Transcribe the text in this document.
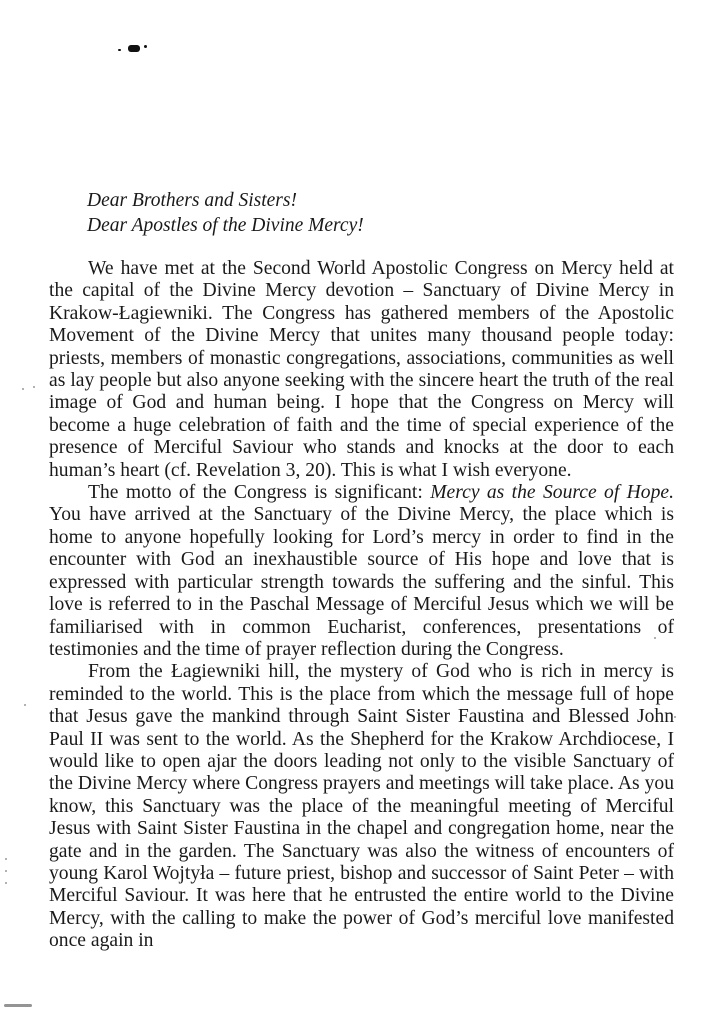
Dear Brothers and Sisters!
Dear Apostles of the Divine Mercy!

We have met at the Second World Apostolic Congress on Mercy held at the capital of the Divine Mercy devotion – Sanctuary of Divine Mercy in Krakow-Łagiewniki. The Congress has gathered members of the Apostolic Movement of the Divine Mercy that unites many thousand people today: priests, members of monastic congregations, associations, communities as well as lay people but also anyone seeking with the sincere heart the truth of the real image of God and human being. I hope that the Congress on Mercy will become a huge celebration of faith and the time of special experience of the presence of Merciful Saviour who stands and knocks at the door to each human’s heart (cf. Revelation 3, 20). This is what I wish everyone.

The motto of the Congress is significant: Mercy as the Source of Hope. You have arrived at the Sanctuary of the Divine Mercy, the place which is home to anyone hopefully looking for Lord’s mercy in order to find in the encounter with God an inexhaustible source of His hope and love that is expressed with particular strength towards the suffering and the sinful. This love is referred to in the Paschal Message of Merciful Jesus which we will be familiarised with in common Eucharist, conferences, presentations of testimonies and the time of prayer reflection during the Congress.

From the Łagiewniki hill, the mystery of God who is rich in mercy is reminded to the world. This is the place from which the message full of hope that Jesus gave the mankind through Saint Sister Faustina and Blessed John Paul II was sent to the world. As the Shepherd for the Krakow Archdiocese, I would like to open ajar the doors leading not only to the visible Sanctuary of the Divine Mercy where Congress prayers and meetings will take place. As you know, this Sanctuary was the place of the meaningful meeting of Merciful Jesus with Saint Sister Faustina in the chapel and congregation home, near the gate and in the garden. The Sanctuary was also the witness of encounters of young Karol Wojtyła – future priest, bishop and successor of Saint Peter – with Merciful Saviour. It was here that he entrusted the entire world to the Divine Mercy, with the calling to make the power of God’s merciful love manifested once again in
